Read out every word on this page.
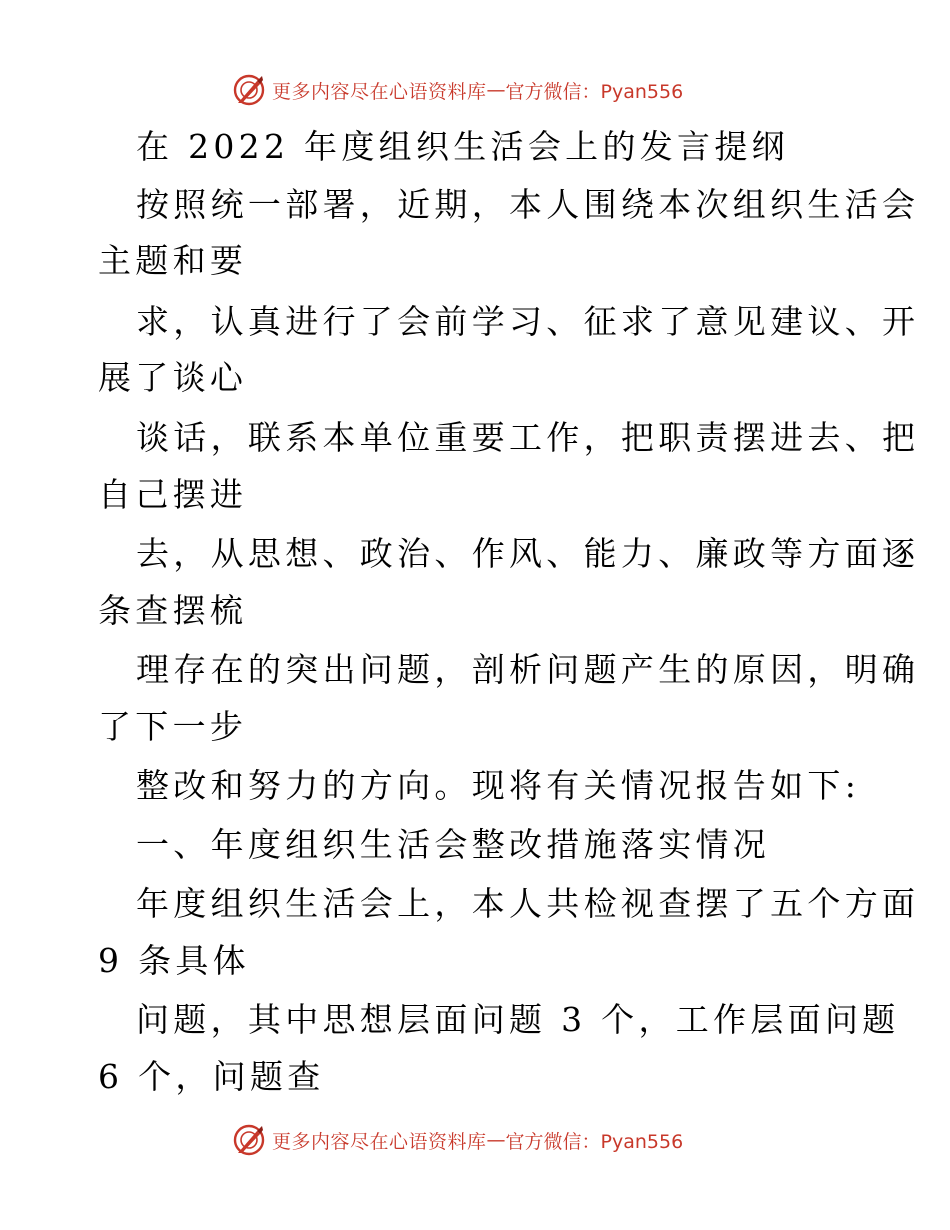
更多内容尽在心语资料库 — 官方微信：Pyan556
在 2022 年度组织生活会上的发言提纲
按照统一部署，近期，本人围绕本次组织生活会
主题和要
求，认真进行了会前学习、征求了意见建议、开
展了谈心
谈话，联系本单位重要工作，把职责摆进去、把
自己摆进
去，从思想、政治、作风、能力、廉政等方面逐
条查摆梳
理存在的突出问题，剖析问题产生的原因，明确
了下一步
整改和努力的方向。现将有关情况报告如下:
一、年度组织生活会整改措施落实情况
年度组织生活会上，本人共检视查摆了五个方面
9 条具体
问题，其中思想层面问题 3 个，工作层面问题
6 个，问题查
更多内容尽在心语资料库 — 官方微信：Pyan556
